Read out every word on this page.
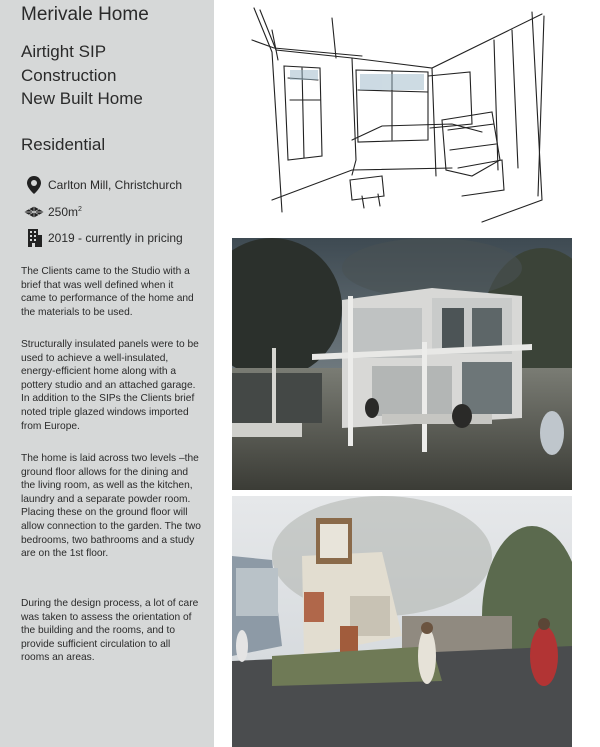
Merivale Home
Airtight SIP
Construction
New Built Home
Residential
Carlton Mill, Christchurch
$250m^2$
2019 - currently in pricing

The Clients came to the Studio with a brief that was well defined when it came to performance of the home and the materials to be used.

Structurally insulated panels were to be used to achieve a well-insulated, energy-efficient home along with a pottery studio and an attached garage. In addition to the SIPs the Clients brief noted triple glazed windows imported from Europe.

The home is laid across two levels –the ground floor allows for the dining and the living room, as well as the kitchen, laundry and a separate powder room. Placing these on the ground floor will allow connection to the garden. The two bedrooms, two bathrooms and a study are on the 1st floor.

During the design process, a lot of care was taken to assess the orientation of the building and the rooms, and to provide sufficient circulation to all rooms an areas.
